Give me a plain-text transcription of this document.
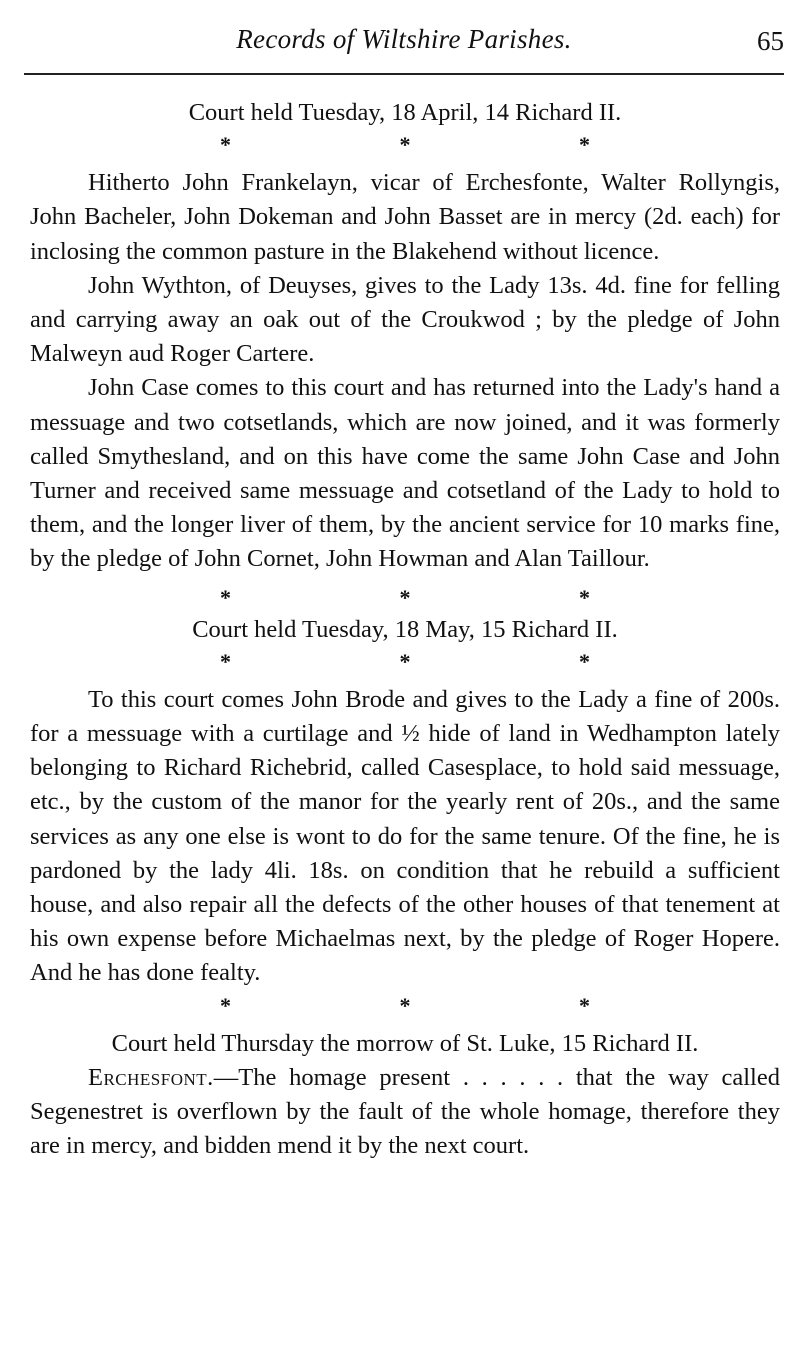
Records of Wiltshire Parishes.	65

Court held Tuesday, 18 April, 14 Richard II.

*	*	*

Hitherto John Frankelayn, vicar of Erchesfonte, Walter Rollyngis, John Bacheler, John Dokeman and John Basset are in mercy (2d. each) for inclosing the common pasture in the Blakehend without licence.

John Wythton, of Deuyses, gives to the Lady 13s. 4d. fine for felling and carrying away an oak out of the Croukwod ; by the pledge of John Malweyn aud Roger Cartere.

John Case comes to this court and has returned into the Lady's hand a messuage and two cotsetlands, which are now joined, and it was formerly called Smythesland, and on this have come the same John Case and John Turner and received same messuage and cotsetland of the Lady to hold to them, and the longer liver of them, by the ancient service for 10 marks fine, by the pledge of John Cornet, John Howman and Alan Taillour.

*	*	*

Court held Tuesday, 18 May, 15 Richard II.

*	*	*

To this court comes John Brode and gives to the Lady a fine of 200s. for a messuage with a curtilage and ½ hide of land in Wedhampton lately belonging to Richard Richebrid, called Casesplace, to hold said messuage, etc., by the custom of the manor for the yearly rent of 20s., and the same services as any one else is wont to do for the same tenure. Of the fine, he is pardoned by the lady 4li. 18s. on condition that he rebuild a sufficient house, and also repair all the defects of the other houses of that tenement at his own expense before Michaelmas next, by the pledge of Roger Hopere. And he has done fealty.

*	*	*

Court held Thursday the morrow of St. Luke, 15 Richard II.

Erchesfont.—The homage present . . . . . . that the way called Segenestret is overflown by the fault of the whole homage, therefore they are in mercy, and bidden mend it by the next court.
